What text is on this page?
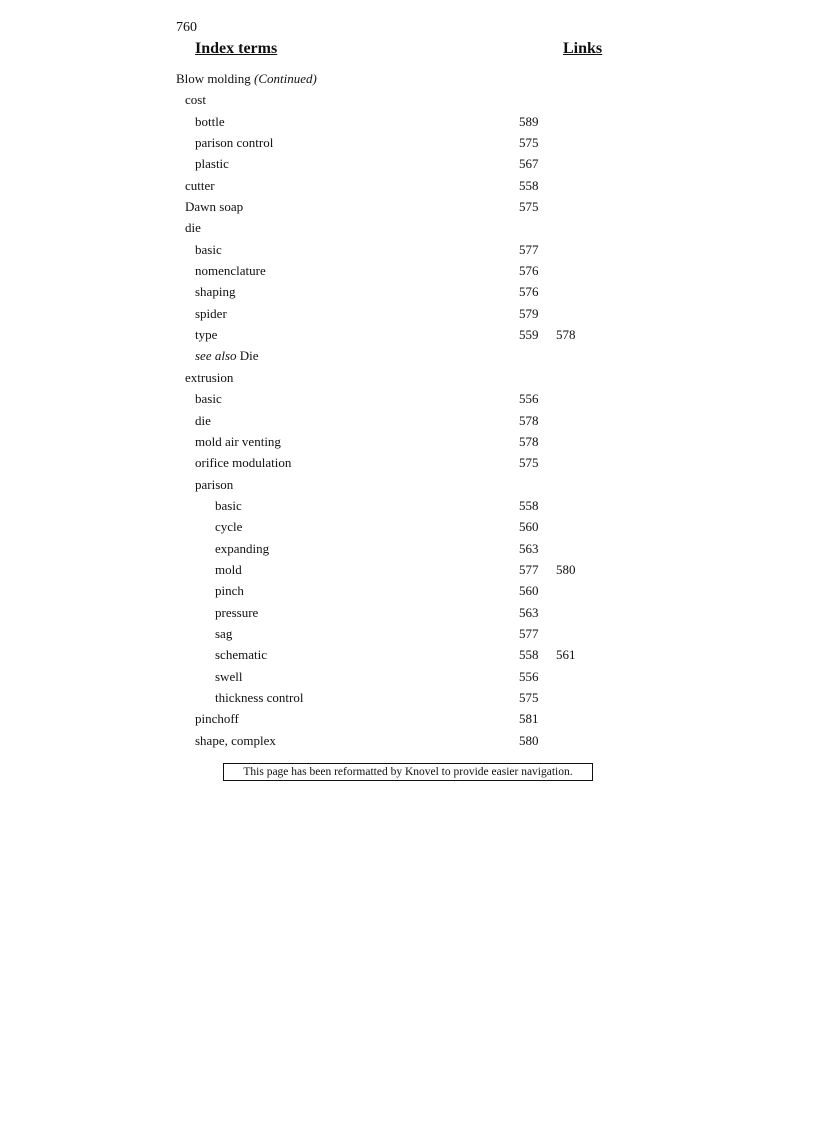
760
Index terms	Links
Blow molding (Continued)
cost
bottle	589
parison control	575
plastic	567
cutter	558
Dawn soap	575
die
basic	577
nomenclature	576
shaping	576
spider	579
type	559 578
see also Die
extrusion
basic	556
die	578
mold air venting	578
orifice modulation	575
parison
basic	558
cycle	560
expanding	563
mold	577 580
pinch	560
pressure	563
sag	577
schematic	558 561
swell	556
thickness control	575
pinchoff	581
shape, complex	580
This page has been reformatted by Knovel to provide easier navigation.
